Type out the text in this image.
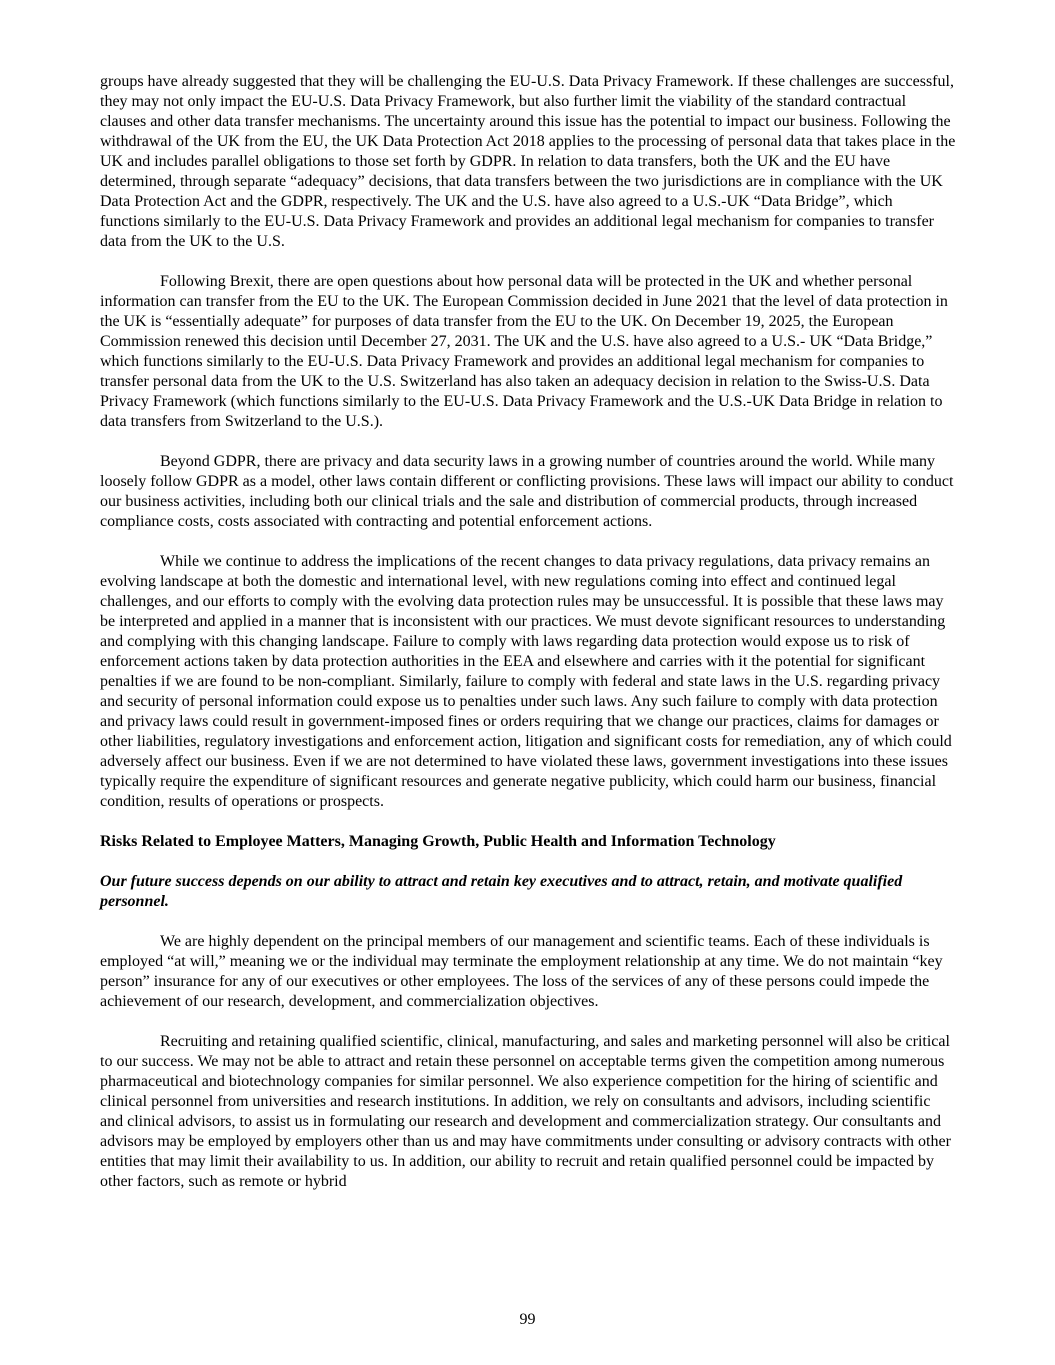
groups have already suggested that they will be challenging the EU-U.S. Data Privacy Framework. If these challenges are successful, they may not only impact the EU-U.S. Data Privacy Framework, but also further limit the viability of the standard contractual clauses and other data transfer mechanisms. The uncertainty around this issue has the potential to impact our business. Following the withdrawal of the UK from the EU, the UK Data Protection Act 2018 applies to the processing of personal data that takes place in the UK and includes parallel obligations to those set forth by GDPR. In relation to data transfers, both the UK and the EU have determined, through separate “adequacy” decisions, that data transfers between the two jurisdictions are in compliance with the UK Data Protection Act and the GDPR, respectively. The UK and the U.S. have also agreed to a U.S.-UK “Data Bridge”, which functions similarly to the EU-U.S. Data Privacy Framework and provides an additional legal mechanism for companies to transfer data from the UK to the U.S.
Following Brexit, there are open questions about how personal data will be protected in the UK and whether personal information can transfer from the EU to the UK. The European Commission decided in June 2021 that the level of data protection in the UK is “essentially adequate” for purposes of data transfer from the EU to the UK. On December 19, 2025, the European Commission renewed this decision until December 27, 2031. The UK and the U.S. have also agreed to a U.S.- UK “Data Bridge,” which functions similarly to the EU-U.S. Data Privacy Framework and provides an additional legal mechanism for companies to transfer personal data from the UK to the U.S. Switzerland has also taken an adequacy decision in relation to the Swiss-U.S. Data Privacy Framework (which functions similarly to the EU-U.S. Data Privacy Framework and the U.S.-UK Data Bridge in relation to data transfers from Switzerland to the U.S.).
Beyond GDPR, there are privacy and data security laws in a growing number of countries around the world. While many loosely follow GDPR as a model, other laws contain different or conflicting provisions. These laws will impact our ability to conduct our business activities, including both our clinical trials and the sale and distribution of commercial products, through increased compliance costs, costs associated with contracting and potential enforcement actions.
While we continue to address the implications of the recent changes to data privacy regulations, data privacy remains an evolving landscape at both the domestic and international level, with new regulations coming into effect and continued legal challenges, and our efforts to comply with the evolving data protection rules may be unsuccessful. It is possible that these laws may be interpreted and applied in a manner that is inconsistent with our practices. We must devote significant resources to understanding and complying with this changing landscape. Failure to comply with laws regarding data protection would expose us to risk of enforcement actions taken by data protection authorities in the EEA and elsewhere and carries with it the potential for significant penalties if we are found to be non-compliant. Similarly, failure to comply with federal and state laws in the U.S. regarding privacy and security of personal information could expose us to penalties under such laws. Any such failure to comply with data protection and privacy laws could result in government-imposed fines or orders requiring that we change our practices, claims for damages or other liabilities, regulatory investigations and enforcement action, litigation and significant costs for remediation, any of which could adversely affect our business. Even if we are not determined to have violated these laws, government investigations into these issues typically require the expenditure of significant resources and generate negative publicity, which could harm our business, financial condition, results of operations or prospects.
Risks Related to Employee Matters, Managing Growth, Public Health and Information Technology
Our future success depends on our ability to attract and retain key executives and to attract, retain, and motivate qualified personnel.
We are highly dependent on the principal members of our management and scientific teams. Each of these individuals is employed “at will,” meaning we or the individual may terminate the employment relationship at any time. We do not maintain “key person” insurance for any of our executives or other employees. The loss of the services of any of these persons could impede the achievement of our research, development, and commercialization objectives.
Recruiting and retaining qualified scientific, clinical, manufacturing, and sales and marketing personnel will also be critical to our success. We may not be able to attract and retain these personnel on acceptable terms given the competition among numerous pharmaceutical and biotechnology companies for similar personnel. We also experience competition for the hiring of scientific and clinical personnel from universities and research institutions. In addition, we rely on consultants and advisors, including scientific and clinical advisors, to assist us in formulating our research and development and commercialization strategy. Our consultants and advisors may be employed by employers other than us and may have commitments under consulting or advisory contracts with other entities that may limit their availability to us. In addition, our ability to recruit and retain qualified personnel could be impacted by other factors, such as remote or hybrid
99
